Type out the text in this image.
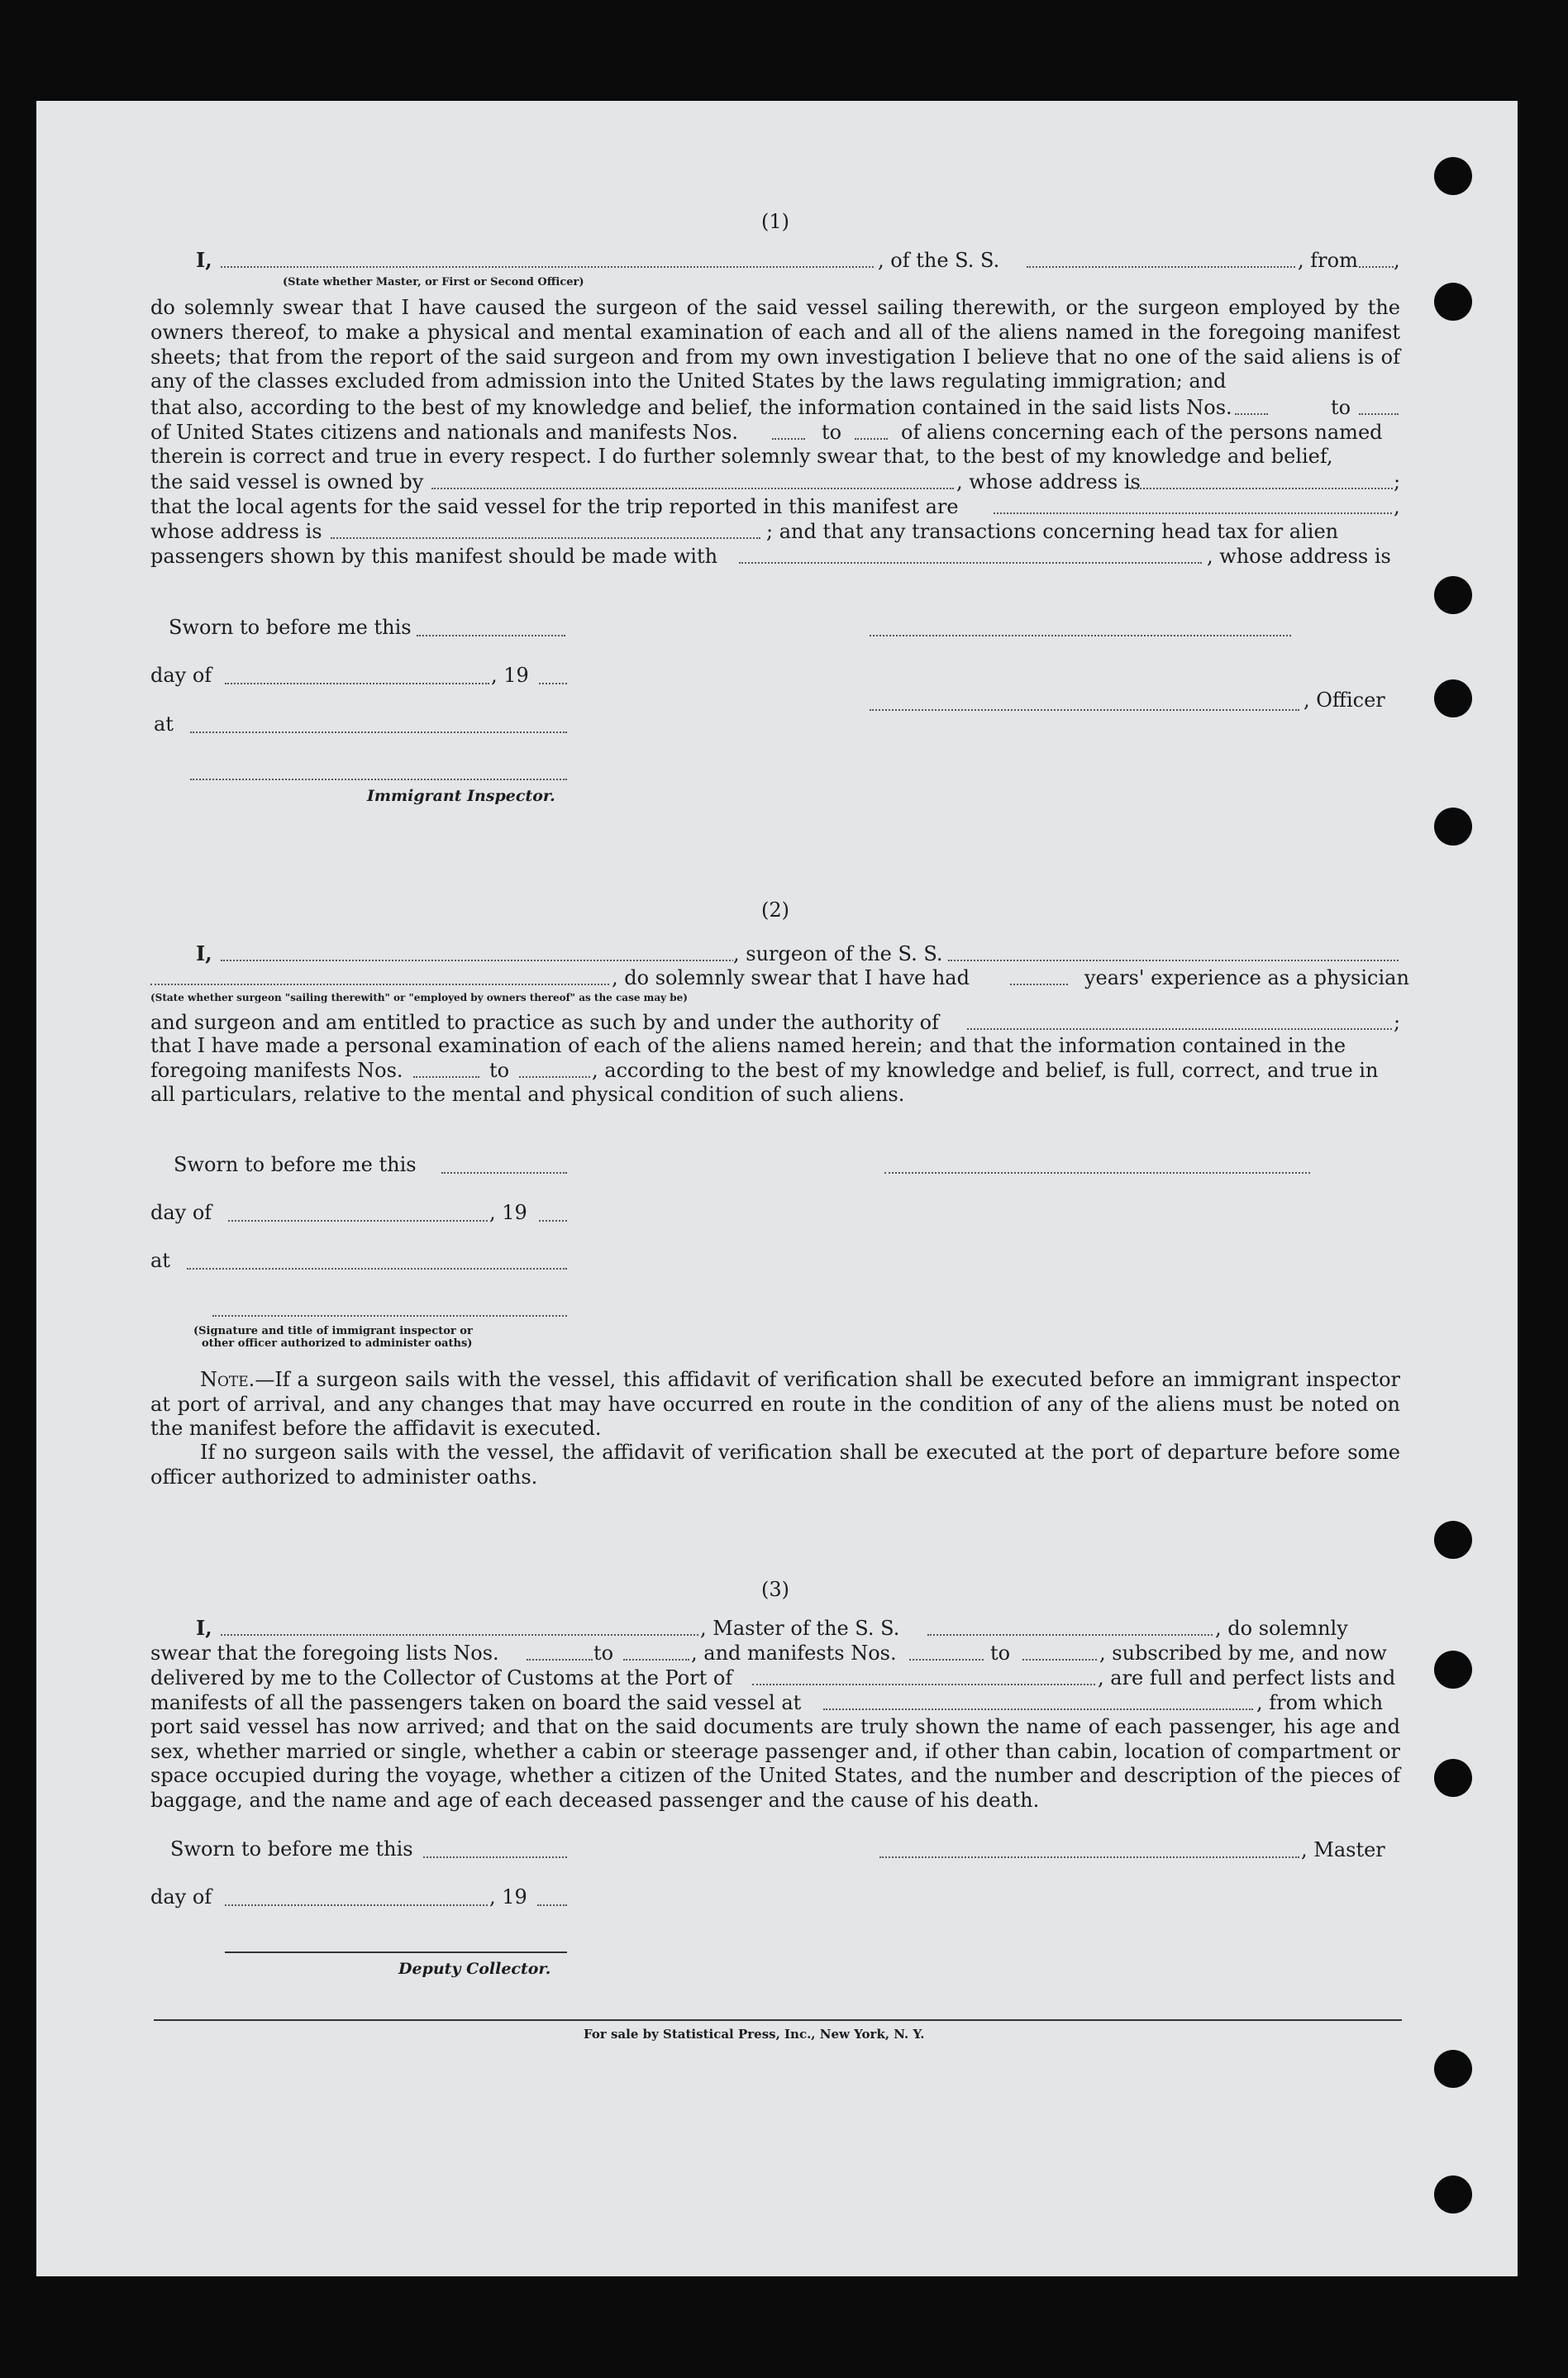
(1)
I,	, of the S. S.	, from ,
(State whether Master, or First or Second Officer)
do solemnly swear that I have caused the surgeon of the said vessel sailing therewith, or the surgeon employed by the owners thereof, to make a physical and mental examination of each and all of the aliens named in the foregoing manifest sheets; that from the report of the said surgeon and from my own investigation I believe that no one of the said aliens is of any of the classes excluded from admission into the United States by the laws regulating immigration; and
that also, according to the best of my knowledge and belief, the information contained in the said lists Nos.	to
of United States citizens and nationals and manifests Nos.	to	of aliens concerning each of the persons named
therein is correct and true in every respect. I do further solemnly swear that, to the best of my knowledge and belief,
the said vessel is owned by	, whose address is	;
that the local agents for the said vessel for the trip reported in this manifest are	,
whose address is	; and that any transactions concerning head tax for alien
passengers shown by this manifest should be made with	, whose address is
Sworn to before me this
day of	, 19
, Officer
at
Immigrant Inspector.
(2)
I,	, surgeon of the S. S.
, do solemnly swear that I have had	years' experience as a physician
(State whether surgeon "sailing therewith" or "employed by owners thereof" as the case may be)
and surgeon and am entitled to practice as such by and under the authority of	;
that I have made a personal examination of each of the aliens named herein; and that the information contained in the
foregoing manifests Nos.	to	, according to the best of my knowledge and belief, is full, correct, and true in
all particulars, relative to the mental and physical condition of such aliens.
Sworn to before me this
day of	, 19
at
(Signature and title of immigrant inspector or
other officer authorized to administer oaths)
Note.—If a surgeon sails with the vessel, this affidavit of verification shall be executed before an immigrant inspector at port of arrival, and any changes that may have occurred en route in the condition of any of the aliens must be noted on the manifest before the affidavit is executed.
If no surgeon sails with the vessel, the affidavit of verification shall be executed at the port of departure before some officer authorized to administer oaths.
(3)
I,	, Master of the S. S.	, do solemnly
swear that the foregoing lists Nos.	to	, and manifests Nos.	to	, subscribed by me, and now
delivered by me to the Collector of Customs at the Port of	, are full and perfect lists and
manifests of all the passengers taken on board the said vessel at	, from which
port said vessel has now arrived; and that on the said documents are truly shown the name of each passenger, his age and sex, whether married or single, whether a cabin or steerage passenger and, if other than cabin, location of compartment or space occupied during the voyage, whether a citizen of the United States, and the number and description of the pieces of baggage, and the name and age of each deceased passenger and the cause of his death.
Sworn to before me this	, Master
day of	, 19
Deputy Collector.
For sale by Statistical Press, Inc., New York, N. Y.
